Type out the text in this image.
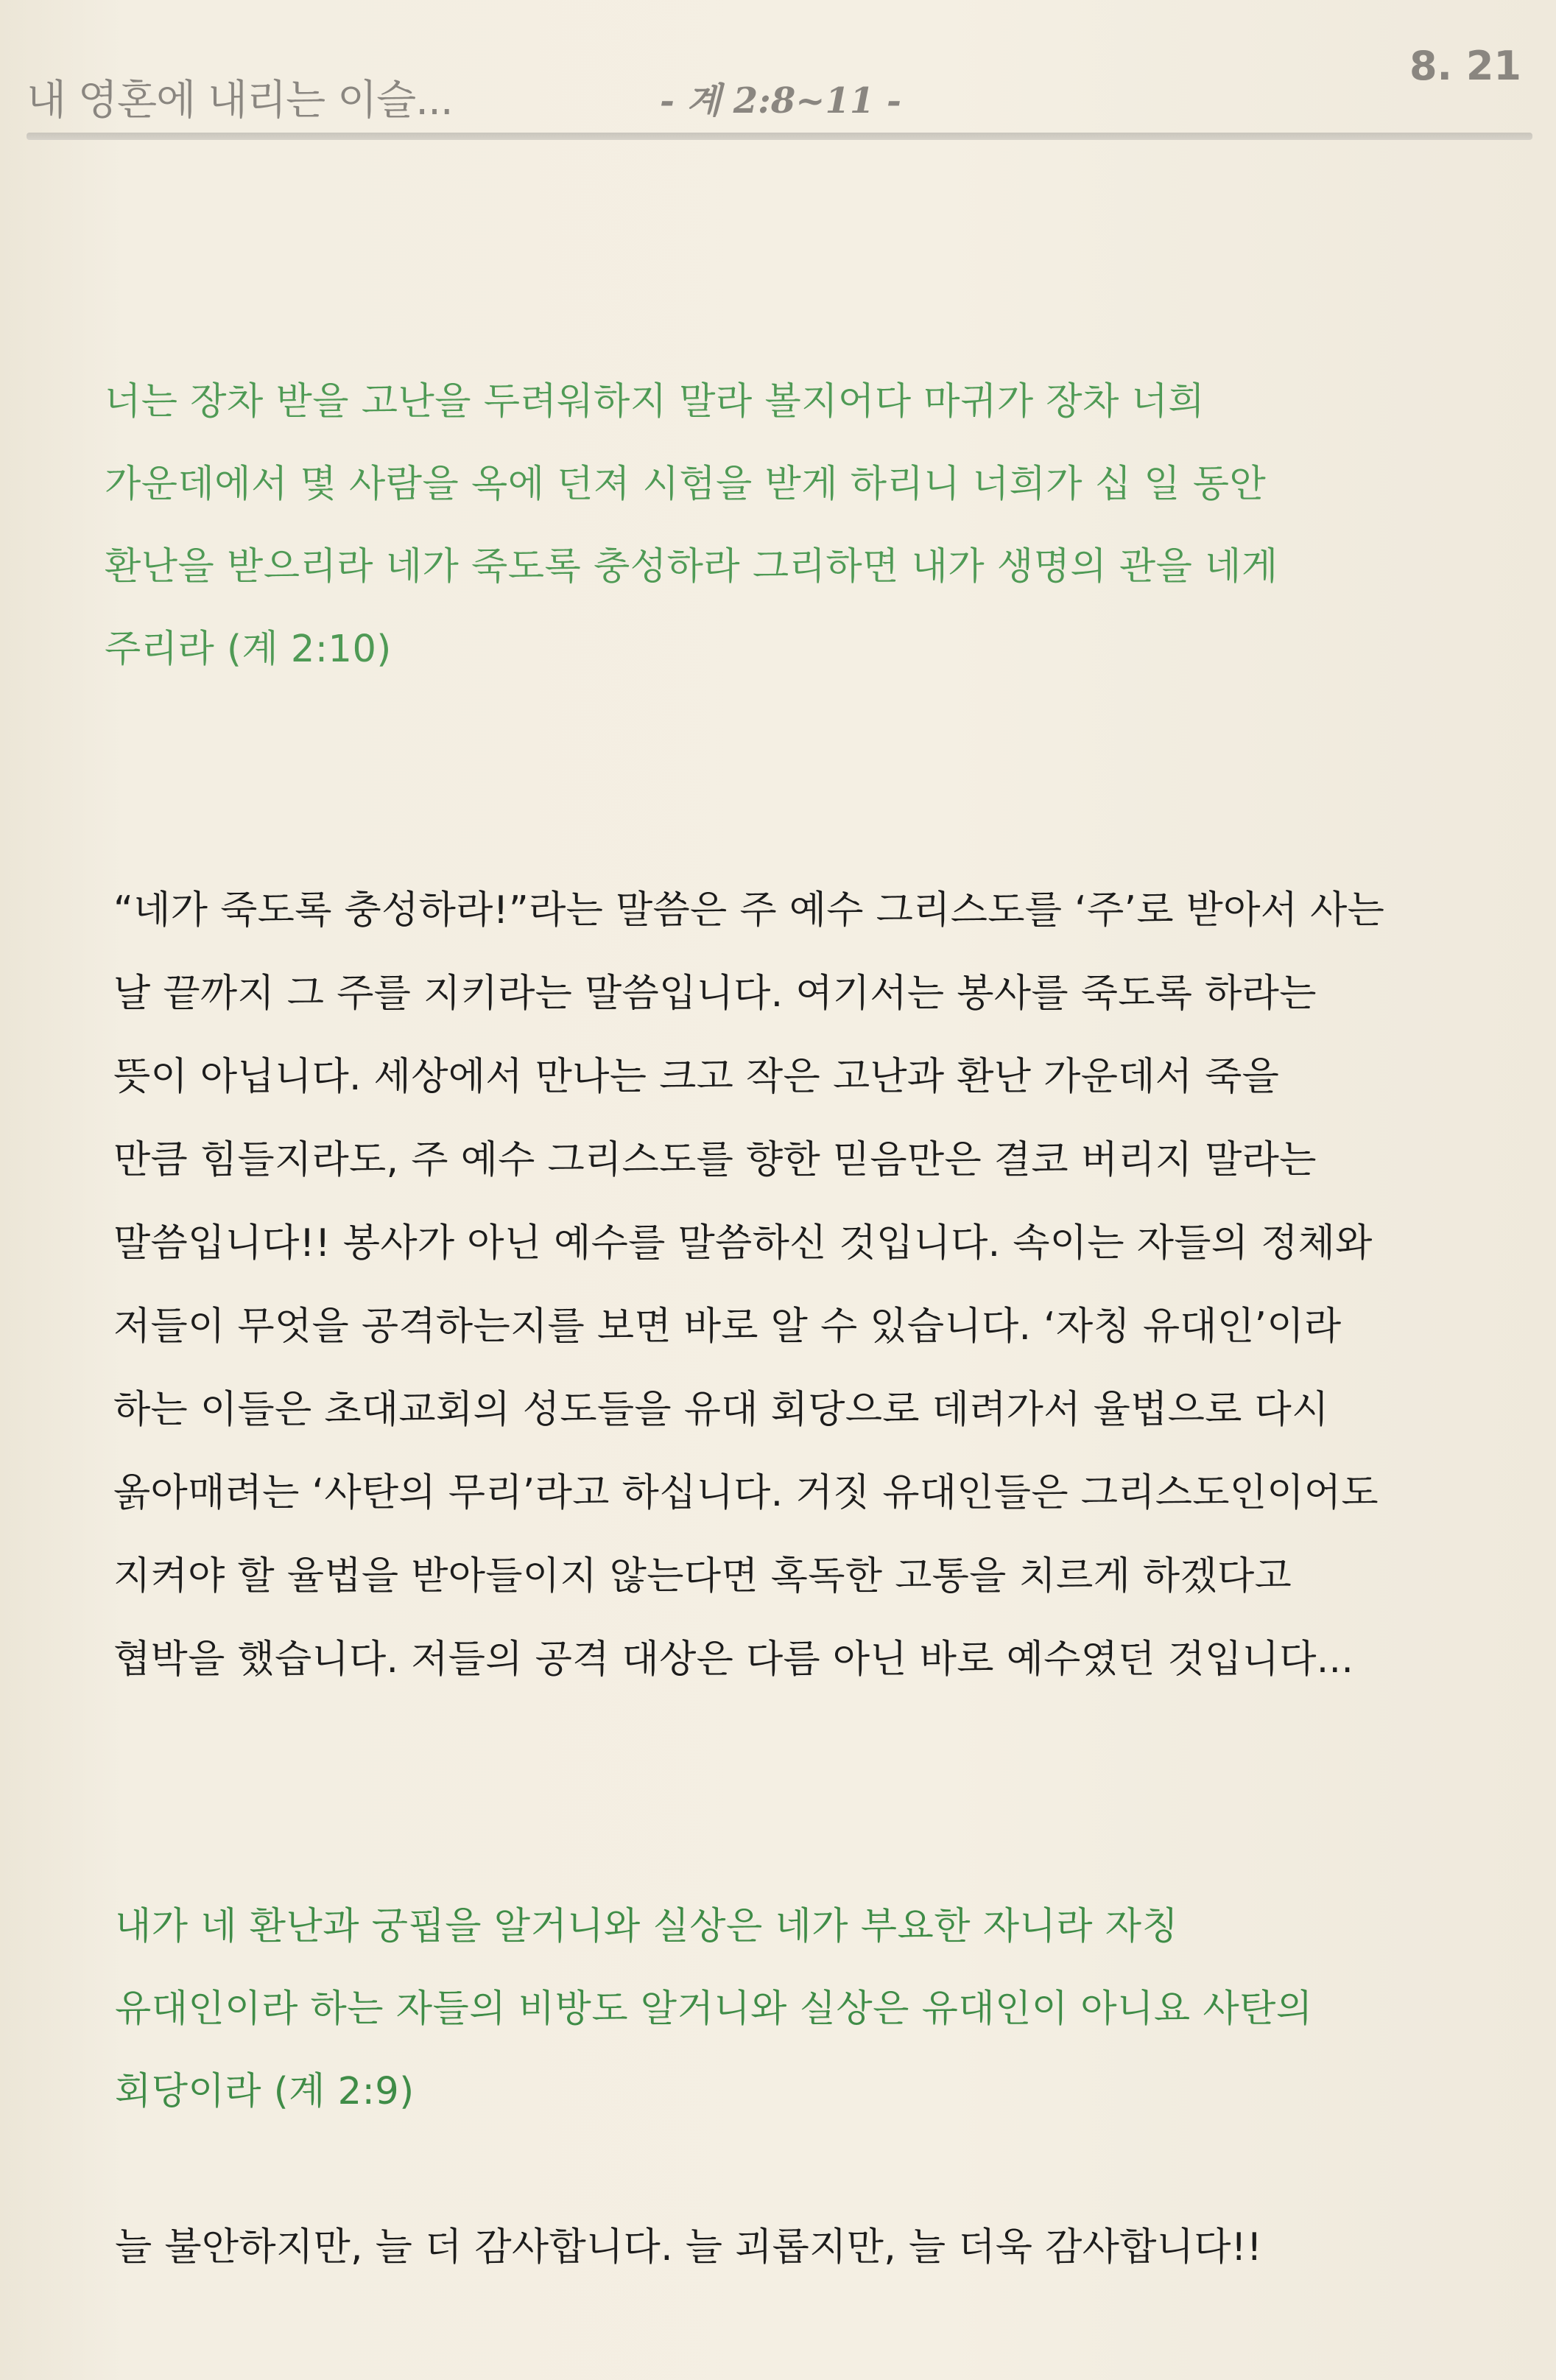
내 영혼에 내리는 이슬...	- 계 2:8~11 -
8. 21
너는 장차 받을 고난을 두려워하지 말라 볼지어다 마귀가 장차 너희
가운데에서 몇 사람을 옥에 던져 시험을 받게 하리니 너희가 십 일 동안
환난을 받으리라 네가 죽도록 충성하라 그리하면 내가 생명의 관을 네게
주리라 (계 2:10)
“네가 죽도록 충성하라!”라는 말씀은 주 예수 그리스도를 ‘주’로 받아서 사는
날 끝까지 그 주를 지키라는 말씀입니다. 여기서는 봉사를 죽도록 하라는
뜻이 아닙니다. 세상에서 만나는 크고 작은 고난과 환난 가운데서 죽을
만큼 힘들지라도, 주 예수 그리스도를 향한 믿음만은 결코 버리지 말라는
말씀입니다!! 봉사가 아닌 예수를 말씀하신 것입니다. 속이는 자들의 정체와
저들이 무엇을 공격하는지를 보면 바로 알 수 있습니다. ‘자칭 유대인’이라
하는 이들은 초대교회의 성도들을 유대 회당으로 데려가서 율법으로 다시
옭아매려는 ‘사탄의 무리’라고 하십니다. 거짓 유대인들은 그리스도인이어도
지켜야 할 율법을 받아들이지 않는다면 혹독한 고통을 치르게 하겠다고
협박을 했습니다. 저들의 공격 대상은 다름 아닌 바로 예수였던 것입니다...
내가 네 환난과 궁핍을 알거니와 실상은 네가 부요한 자니라 자칭
유대인이라 하는 자들의 비방도 알거니와 실상은 유대인이 아니요 사탄의
회당이라 (계 2:9)
늘 불안하지만, 늘 더 감사합니다. 늘 괴롭지만, 늘 더욱 감사합니다!!
